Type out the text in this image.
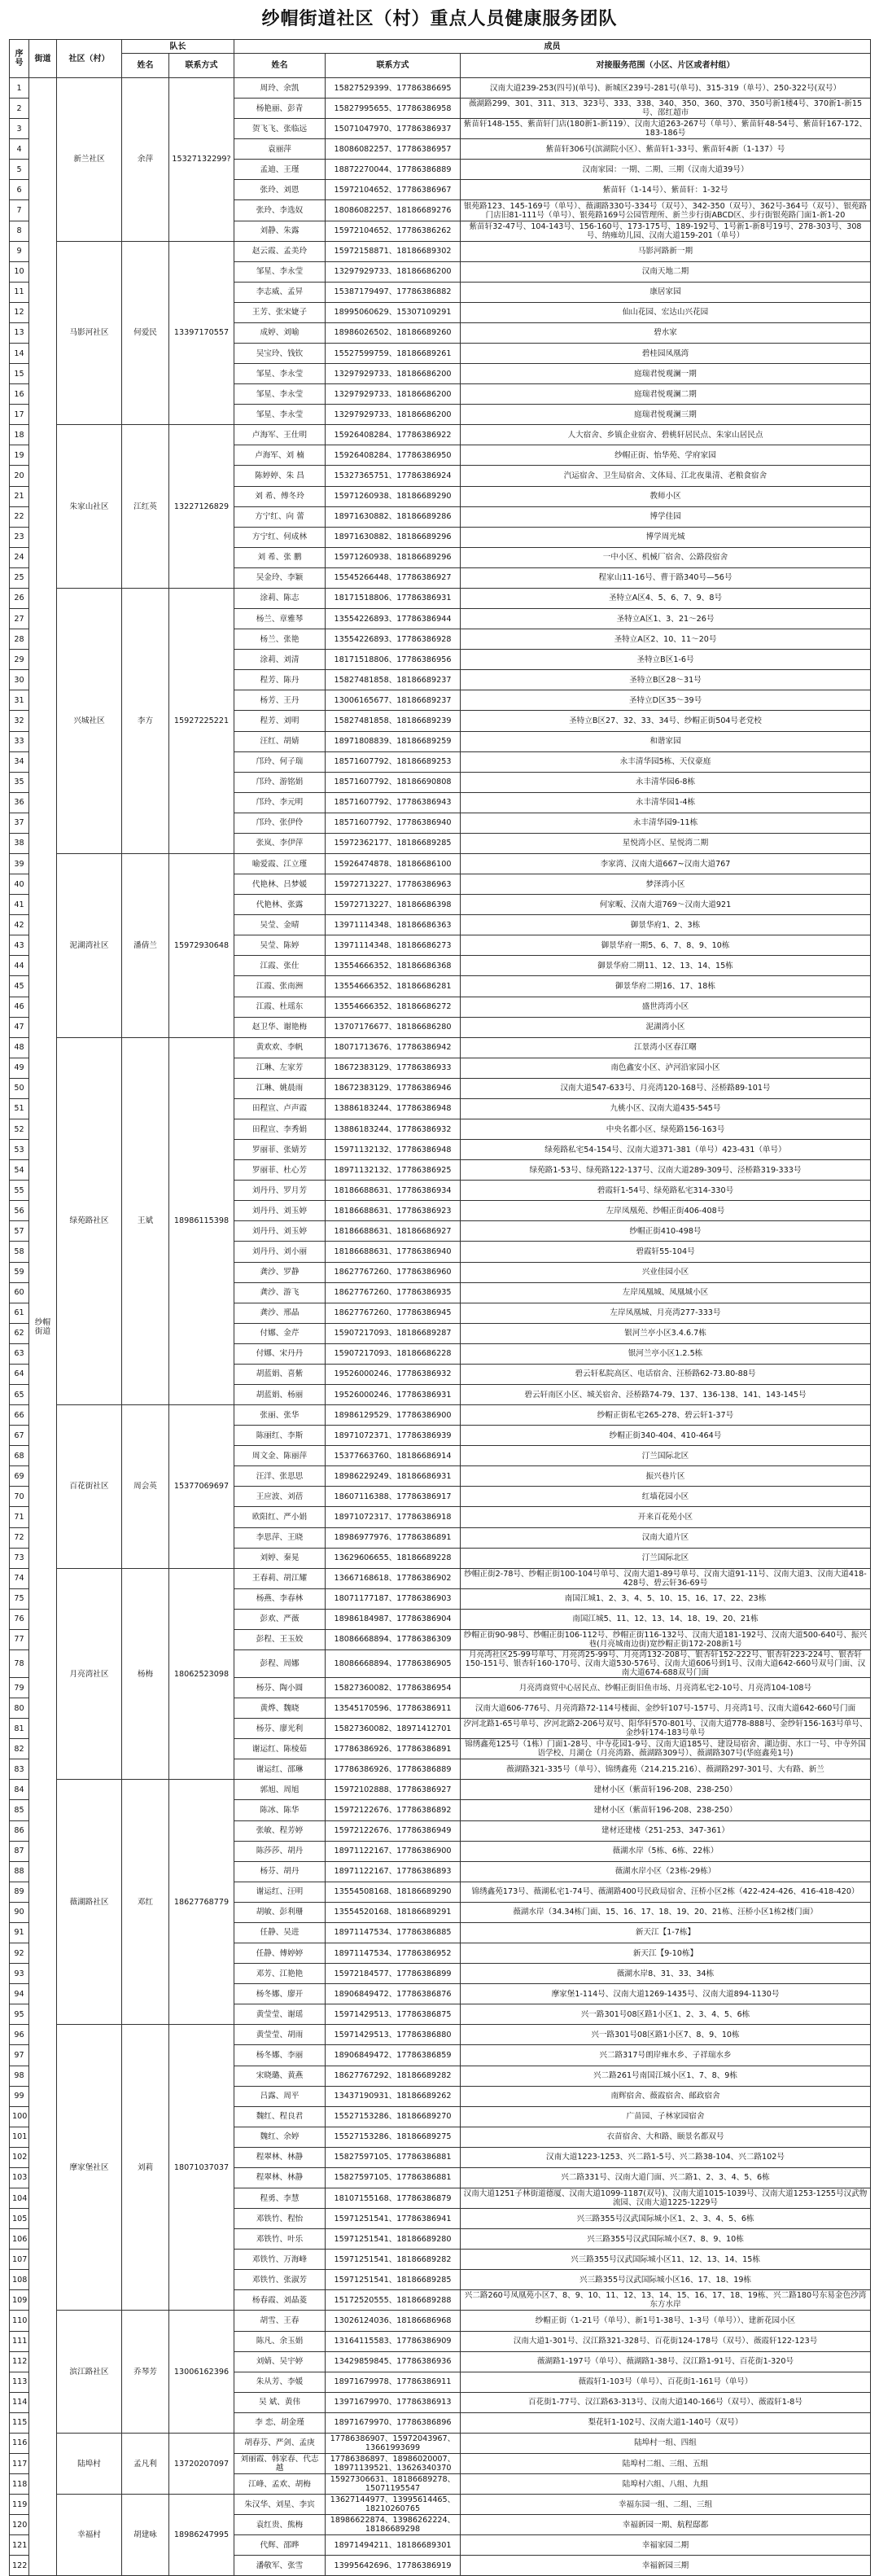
纱帽街道社区（村）重点人员健康服务团队
序号	街道	社区（村）	队长		成员		
			姓名	联系方式	姓名	联系方式	对接服务范围（小区、片区或者村组）
1	纱帽街道	新兰社区	余萍	15327132299?	周玲、余凯	15827529399、17786386695	汉南大道239-253(四号)(单号)、新城区239号-281号(单号)、315-319（单号）、250-322号(双号）
2					杨艳丽、彭青	15827995655、17786386958	薇湖路299、301、311、313、323号、333、338、340、350、360、370、350号新1楼4号、370新1-新15号、邵红超市
3					贺飞飞、张临远	15071047970、17786386937	紫苗轩148-155、紫苗轩门店(180新1-新119）、汉南大道263-267号（单号）、紫苗轩48-54号、紫苗轩167-172、183-186号
4					袁丽萍	18086082257、17786386957	紫苗轩306号(滨湖院小区）、紫苗轩1-33号、紫苗轩4新（1-137）号
5					孟迪、王瑾	18872270044、17786386889	汉南家园：一期、二期、三期（汉南大道39号）
6					张玲、刘恩	15972104652、17786386967	紫苗轩（1-14号）、紫苗轩：1-32号
7					张玲、李选奴	18086082257、18186689276	银苑路123、145-169号（单号）、薇湖路330号-334号（双号）、342-350（双号）、362号-364号（双号）、银苑路门店旧81-111号（单号）、银苑路169号公园管理所、新兰步行街ABCD区、步行街银苑路门面1-新1-20
8					刘静、朱露	15972104652、17786386262	紫苗轩32-47号、104-143号、156-160号、173-175号、189-192号、1号新1-新8号19号、278-303号、308号、纳雍幼儿园、汉南大道159-201（单号）
9		马影河社区	何爱民	13397170557	赵云霞、孟美玲	15972158871、18186689302	马影河路新一期
10					邹星、李永莹	13297929733、18186686200	汉南天地二期
11					李志威、孟昇	15387179497、17786386882	康居家园
12					王芳、张宋婕子	18995060629、15307109291	仙山花园、宏达山兴花园
13					成婷、刘喻	18986026502、18186689260	碧水家
14					吴宝玲、钱钦	15527599759、18186689261	碧桂园凤凰湾
15					邹星、李永莹	13297929733、18186686200	庭瑞君悦观澜一期
16					邹星、李永莹	13297929733、18186686200	庭瑞君悦观澜二期
17					邹星、李永莹	13297929733、18186686200	庭瑞君悦观澜三期
18		朱家山社区	江红英	13227126829	卢海军、王仕明	15926408284、17786386922	人大宿舍、乡镇企业宿舍、碧桃轩居民点、朱家山居民点
19					卢海军、刘 楠	15926408284、17786386950	纱帽正街、怡华苑、学府家园
20					陈婷婷、朱 昌	15327365751、17786386924	汽运宿舍、卫生局宿舍、文体局、江北夜巢清、老粮食宿舍
21					刘 希、傅冬玲	15971260938、18186689290	教师小区
22					方宁红、向 蕾	18971630882、18186689286	博学佳园
23					方宁红、何成林	18971630882、18186689296	博学周光城
24					刘 希、张 鹏	15971260938、18186689296	一中小区、机械厂宿舍、公路段宿舍
25					吴金玲、李颖	15545266448、17786386927	程家山11-16号、曹于路340号—56号
26		兴城社区	李方	15927225221	涂莉、陈志	18171518806、17786386931	圣特立A区4、5、6、7、9、8号
27					杨兰、章雅琴	13554226893、17786386944	圣特立A区1、3、21～26号
28					杨兰、张艳	13554226893、17786386928	圣特立A区2、10、11～20号
29					涂莉、刘清	18171518806、17786386956	圣特立B区1-6号
30					程芳、陈丹	15827481858、18186689237	圣特立B区28～31号
31					杨芳、王丹	13006165677、18186689237	圣特立D区35～39号
32					程芳、刘明	15827481858、18186689239	圣特立B区27、32、33、34号、纱帽正街504号老党校
33					汪红、胡婧	18971808839、18186689259	和谐家园
34					邝玲、何子瑞	18571607792、18186689253	永丰清华园5栋、天仪豪庭
35					邝玲、游铭娟	18571607792、18186690808	永丰清华园6-8栋
36					邝玲、李元明	18571607792、17786386943	永丰清华园1-4栋
37					邝玲、张伊伶	18571607792、17786386940	永丰清华园9-11栋
38					张岚、李伊萍	15972362177、18186689285	星悦湾小区、星悦湾二期
39		泥湖湾社区	潘倩兰	15972930648	喻爱霞、江立瑾	15926474878、18186686100	李家湾、汉南大道667~汉南大道767
40					代艳林、吕梦媛	15972713227、17786386963	梦泽湾小区
41					代艳林、张露	15972713227、18186686398	何家畈、汉南大道769～汉南大道921
42					吴莹、金晴	13971114348、18186686363	御景华府1、2、3栋
43					吴莹、陈婷	13971114348、18186686273	御景华府一期5、6、7、8、9、10栋
44					江霞、张仕	13554666352、18186686368	御景华府二期11、12、13、14、15栋
45					江霞、张南洲	13554666352、18186686281	御景华府二期16、17、18栋
46					江霞、杜瑶东	13554666352、18186686272	盛世湾湾小区
47					赵卫华、谢艳梅	13707176677、18186686280	泥湖湾小区
48		绿苑路社区	王斌	18986115398	黄欢欢、李帆	18071713676、17786386942	江景湾小区春江曙
49					江琳、左家芳	18672383129、17786386933	南色鑫安小区、泸河沿家园小区
50					江琳、姚晨雨	18672383129、17786386946	汉南大道547-633号、月亮湾120-168号、泾桥路89-101号
51					田程宣、卢声霞	13886183244、17786386948	九桃小区、汉南大道435-545号
52					田程宣、李秀娟	13886183244、17786386932	中央名都小区、绿苑路156-163号
53					罗丽菲、张婧芳	15971132132、17786386948	绿苑路私宅54-154号、汉南大道371-381（单号）423-431（单号）
54					罗丽菲、杜心芳	18971132132、17786386925	绿苑路1-53号、绿苑路122-137号、汉南大道289-309号、泾桥路319-333号
55					刘丹丹、罗月芳	18186688631、17786386934	碧霞轩1-54号、绿苑路私宅314-330号
56					刘丹丹、刘玉婷	18186688631、17786386923	左岸凤凰苑、纱帽正街406-408号
57					刘丹丹、刘玉婷	18186688631、18186686927	纱帽正街410-498号
58					刘丹丹、刘小丽	18186688631、17786386940	碧霞轩55-104号
59					龚沙、罗静	18627767260、17786386960	兴业佳园小区
60					龚沙、游飞	18627767260、17786386935	左岸凤凰城、凤凰城小区
61					龚沙、邢晶	18627767260、17786386945	左岸凤凰城、月亮湾277-333号
62					付娜、金芹	15907217093、18186689287	银河兰亭小区3.4.6.7栋
63					付娜、宋丹丹	15907217093、18186686228	银河兰亭小区1.2.5栋
64					胡蓝娟、喜紫	19526000246、17786386932	碧云轩私院高区、电话宿舍、汪桥路62-73.80-88号
65					胡蓝娟、杨丽	19526000246、17786386931	碧云轩南区小区、城关宿舍、泾桥路74-79、137、136-138、141、143-145号
66		百花街社区	周会英	15377069697	张丽、张华	18986129529、17786386900	纱帽正街私宅265-278、碧云轩1-37号
67					陈丽红、李斯	18971072371、17786386939	纱帽正街340-404、410-464号
68					周文金、陈丽萍	15377663760、18186686914	汀兰国际北区
69					汪洋、张思思	18986229249、18186686931	振兴巷片区
70					王应波、刘蓓	18607116388、17786386917	红墙花园小区
71					欧阳红、严小娟	18971072317、17786386918	开来百花苑小区
72					李思萍、王晓	18986977976、17786386891	汉南大道片区
73					刘婷、秦晃	13629606655、18186689228	汀兰国际北区
74		月亮湾社区	杨梅	18062523098	王春莉、胡江耀	13667168618、17786386902	纱帽正街2-78号、纱帽正街100-104号单号、汉南大道1-89号单号、汉南大道91-11号、汉南大道3、汉南大道418-428号、碧云轩36-69号
75					杨燕、李春林	18071177187、17786386903	南国江城1、2、3、4、5、10、15、16、17、22、23栋
76					彭欢、严薇	18986184987、17786386904	南国江城5、11、12、13、14、18、19、20、21栋
77					彭程、王玉姣	18086668894、17786386309	纱帽正街90-98号、纱帽正街106-112号、纱帽正街116-132号、汉南大道181-192号、汉南大道500-640号、振兴巷(月亮城南边街)宽纱帽正街172-208新1号
78					彭程、周娜	18086668894、17786386905	月亮湾社区25-99号单号、月亮湾25-99号、月亮湾132-208号、银杏轩152-222号、银杏轩223-224号、银杏轩150-151号、银杏轩160-170号、汉南大道530-576号、汉南大道606号到1号、汉南大道642-660号双号门面、汉南大道674-688双号门面
79					杨芬、陶小圆	15827360082、17786386954	月亮湾商贸中心居民点、纱帽正街旧鱼市场、月亮湾私宅2-10号、月亮湾104-108号
80					黄烨、魏晓	13545170596、17786386911	汉南大道606-776号、月亮湾路72-114号楼面、金纱轩107号-157号、月亮湾1号、汉南大道642-660号门面
81					杨芬、廖光利	15827360082、18971412701	汐河北路1-65号单号、汐河北路2-206号双号、阳华轩570-801号、汉南大道778-888号、金纱轩156-163号单号、金纱轩174-183号单号
82					谢运红、陈棱茹	17786386926、17786386891	锦绣鑫苑125号（1栋）门面1-28号、中寺花园1-9号、汉南大道185号、建设局宿舍、湖边街、水口一号、中寺外国语学校、月湖仓（月亮湾路、薇湖路309号）、薇湖路307号(华庭鑫苑1号)
83					谢运红、邵琳	17786386926、17786386889	薇湖路321-335号（单号）、锦绣鑫苑（214.215.216）、薇湖路297-301号、大有路、新兰
84		薇湖路社区	邓红	18627768779	郭旭、周旭	15972102888、17786386927	建材小区（紫苗轩196-208、238-250）
85					陈冰、陈华	15972122676、17786386892	建材小区（紫苗轩196-208、238-250）
86					张敏、程芳婷	15972122676、17786386949	建材还建楼（251-253、347-361）
87					陈莎莎、胡丹	18971122167、17786386900	薇湖水岸（5栋、6栋、22栋）
88					杨芬、胡丹	18971122167、17786386893	薇湖水岸小区（23栋-29栋）
89					谢运红、汪明	13554508168、18186689290	锦绣鑫苑173号、薇湖私宅1-74号、薇湖路400号民政局宿舍、汪桥小区2栋（422-424-426、416-418-420）
90					胡敏、彭利珊	13554520168、18186689291	薇湖水岸（34.34栋门面、15、16、17、18、19、20、21栋、汪桥小区1栋2楼门面）
91					任静、吴进	18971147534、17786386885	新天江【1-7栋】
92					任静、傅婷婷	18971147534、17786386952	新天江【9-10栋】
93					邓芳、江艳艳	15972184577、17786386899	薇湖水岸8、31、33、34栋
94					杨冬娜、廖开	18906849472、17786386876	摩家堡1-114号、汉南大道1269-1435号、汉南大道894-1130号
95					黄莹莹、谢瑶	15971429513、17786386875	兴一路301号08区路1小区1、2、3、4、5、6栋
96		摩家堡社区	刘莉	18071037037	黄莹莹、胡雨	15971429513、17786386880	兴一路301号08区路1小区7、8、9、10栋
97					杨冬娜、李丽	18906849472、17786386859	兴二路317号朗岸雍水乡、子祥瑞水乡
98					宋晓璐、黄燕	18627767292、18186689282	兴二路261号南国江城小区1、7、8、9栋
99					吕露、周平	13437190931、18186689262	南辉宿舍、薇霞宿舍、邮政宿舍
100					魏红、程良君	15527153286、18186689270	广苗园、子林家园宿舍
101					魏红、余婷	15527153286、18186689275	衣苗宿舍、大和路、颐景名都双号
102					程翠林、林静	15827597105、17786386881	汉南大道1223-1253、兴二路1-5号、兴二路38-104、兴二路102号
103					程翠林、林静	15827597105、17786386881	兴二路331号、汉南大道门面、兴二路1、2、3、4、5、6栋
104					程勇、李慧	18107155168、17786386879	汉南大道1251子林街道德厦、汉南大道1099-1187(双号)、汉南大道1015-1039号、汉南大道1253-1255号汉武物流园、汉南大道1225-1229号
105					邓铁竹、程怡	15971251541、17786386941	兴三路355号汉武国际城小区1、2、3、4、5、6栋
106					邓铁竹、叶乐	15971251541、18186689280	兴三路355号汉武国际城小区7、8、9、10栋
107					邓铁竹、万海峰	15971251541、18186689282	兴三路355号汉武国际城小区11、12、13、14、15栋
108					邓铁竹、张淑芳	15971251541、18186689285	兴三路355号汉武国际城小区16、17、18、19栋
109					杨春霞、刘晶菱	15172520555、18186689288	兴二路260号凤凰苑小区7、8、9、10、11、12、13、14、15、16、17、18、19栋、兴二路180号东易金色沙湾东方水岸
110		滨江路社区	乔琴芳	13006162396	胡雪、王春	13026124036、18186686968	纱帽正街（1-21号（单号）、新1号1-38号、1-3号（单号））、建新花园小区
111					陈凡、余玉娟	13164115583、17786386909	汉南大道1-301号、汉江路321-328号、百花街124-178号（双号）、薇霞轩122-123号
112					刘婧、吴宇婷	13429859845、17786386936	薇湖路1-197号（单号）、薇湖路1-38号、汉江路1-91号、百花街1-320号
113					朱从芳、李媛	18971679978、17786386911	薇霞轩1-103号（单号）、百花街1-161号（单号）
114					吴 斌、黄伟	13971679970、17786386913	百花街1-77号、汉江路63-313号、汉南大道140-166号（双号）、薇霞轩1-8号
115					李 恋、胡金瑾	18971679970、17786386896	梨花轩1-102号、汉南大道1-140号（双号）
116		陆埠村	孟凡利	13720207097	胡春芬、严剑、孟庚	17786386907、15972043967、13661993699	陆埠村一组、四组
117					刘丽霞、韩家春、代志越	17786386897、18986020007、18971139521、13626340370	陆埠村二组、三组、五组
118					江峰、孟欢、胡梅	15927306631、18186689278、15071195547	陆埠村六组、八组、九组
119		幸福村	胡建咏	18986247995	朱汉华、刘星、李宾	13627144977、13995614465、18210260765	幸福东园一组、二组、三组
120					袁红贵、熊梅	18986622874、13986262224、18186689298	幸福新园一期、航程邸都
121					代辉、邵晔	18971494211、18186689301	幸福家园二期
122					潘敬军、张雪	13995642696、17786386919	幸福新园三期
